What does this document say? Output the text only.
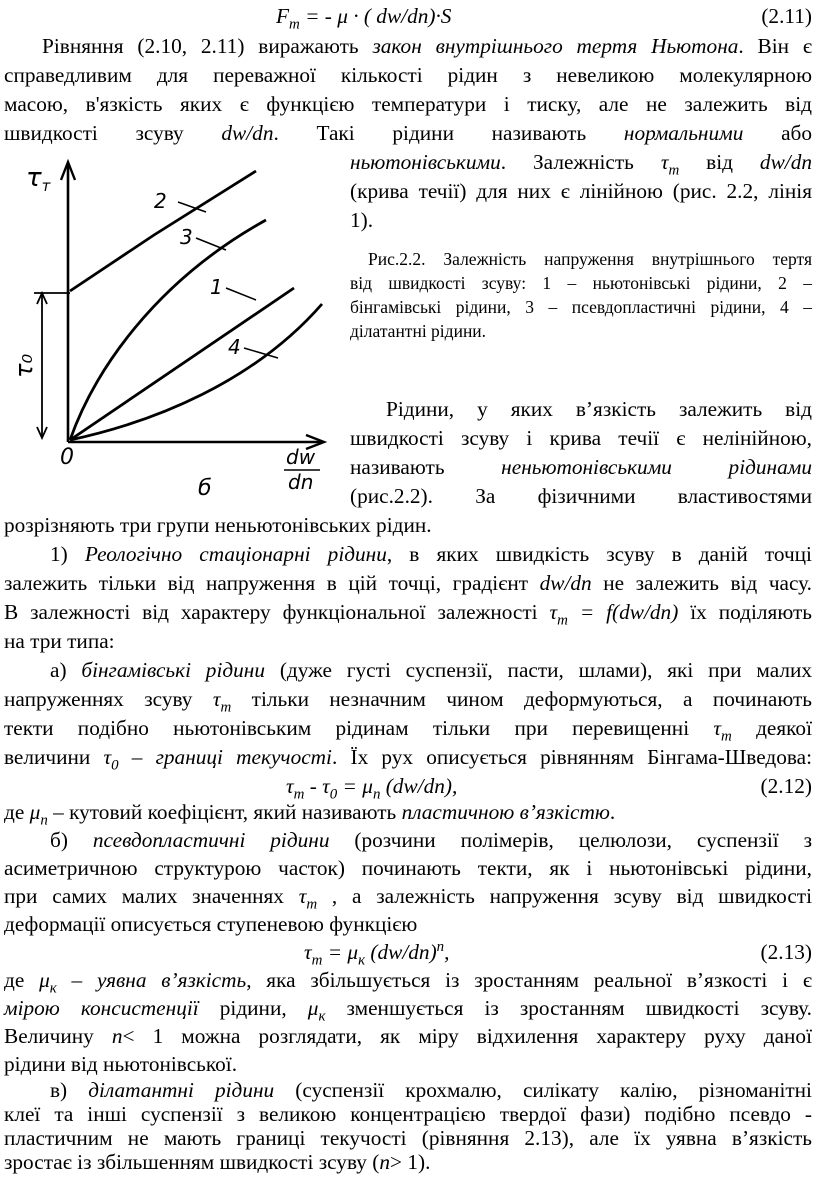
$F_т$ = - μ · ( dw/dn)·S	(2.11)
Рівняння (2.10, 2.11) виражають закон внутрішнього тертя Ньютона. Він є
справедливим для переважної кількості рідин з невеликою молекулярною
масою, в'язкість яких є функцією температури і тиску, але не залежить від
швидкості зсуву dw/dn. Такі рідини називають нормальними або
ньютонівськими. Залежність $\tau_т$ від dw/dn
(крива течії) для них є лінійною (рис. 2.2, лінія
1).
τт
τ₀
0
2
3
1
4
dw
dn
б
Рис.2.2. Залежність напруження внутрішнього тертя
від швидкості зсуву: 1 – ньютонівські рідини, 2 –
бінгамівські рідини, 3 – псевдопластичні рідини, 4 –
ділатантні рідини.
Рідини, у яких в’язкість залежить від
швидкості зсуву і крива течії є нелінійною,
називають неньютонівськими рідинами
(рис.2.2). За фізичними властивостями
розрізняють три групи неньютонівських рідин.
1) Реологічно стаціонарні рідини, в яких швидкість зсуву в даній точці
залежить тільки від напруження в цій точці, градієнт dw/dn не залежить від часу.
В залежності від характеру функціональної залежності $\tau_т = f(dw/dn)$ їх поділяють
на три типа:
а) бінгамівські рідини (дуже густі суспензії, пасти, шлами), які при малих
напруженнях зсуву $\tau_т$ тільки незначним чином деформуються, а починають
текти подібно ньютонівським рідинам тільки при перевищенні $\tau_т$ деякої
величини $\tau_0$ – границі текучості. Їх рух описується рівнянням Бінгама-Шведова:
$\tau_т - \tau_0 = \mu_п$ (dw/dn),	(2.12)
де $\mu_п$ – кутовий коефіцієнт, який називають пластичною в’язкістю.
б) псевдопластичні рідини (розчини полімерів, целюлози, суспензії з
асиметричною структурою часток) починають текти, як і ньютонівські рідини,
при самих малих значеннях $\tau_т$ , а залежність напруження зсуву від швидкості
деформації описується ступеневою функцією
$\tau_т = \mu_к$ $(dw/dn)^n$,	(2.13)
де $\mu_к$ – уявна в’язкість, яка збільшується із зростанням реальної в’язкості і є
мірою консистенції рідини, $\mu_к$ зменшується із зростанням швидкості зсуву.
Величину n< 1 можна розглядати, як міру відхилення характеру руху даної
рідини від ньютонівської.
в) ділатантні рідини (суспензії крохмалю, силікату калію, різноманітні
клеї та інші суспензії з великою концентрацією твердої фази) подібно псевдо -
пластичним не мають границі текучості (рівняння 2.13), але їх уявна в’язкість
зростає із збільшенням швидкості зсуву (n> 1).
